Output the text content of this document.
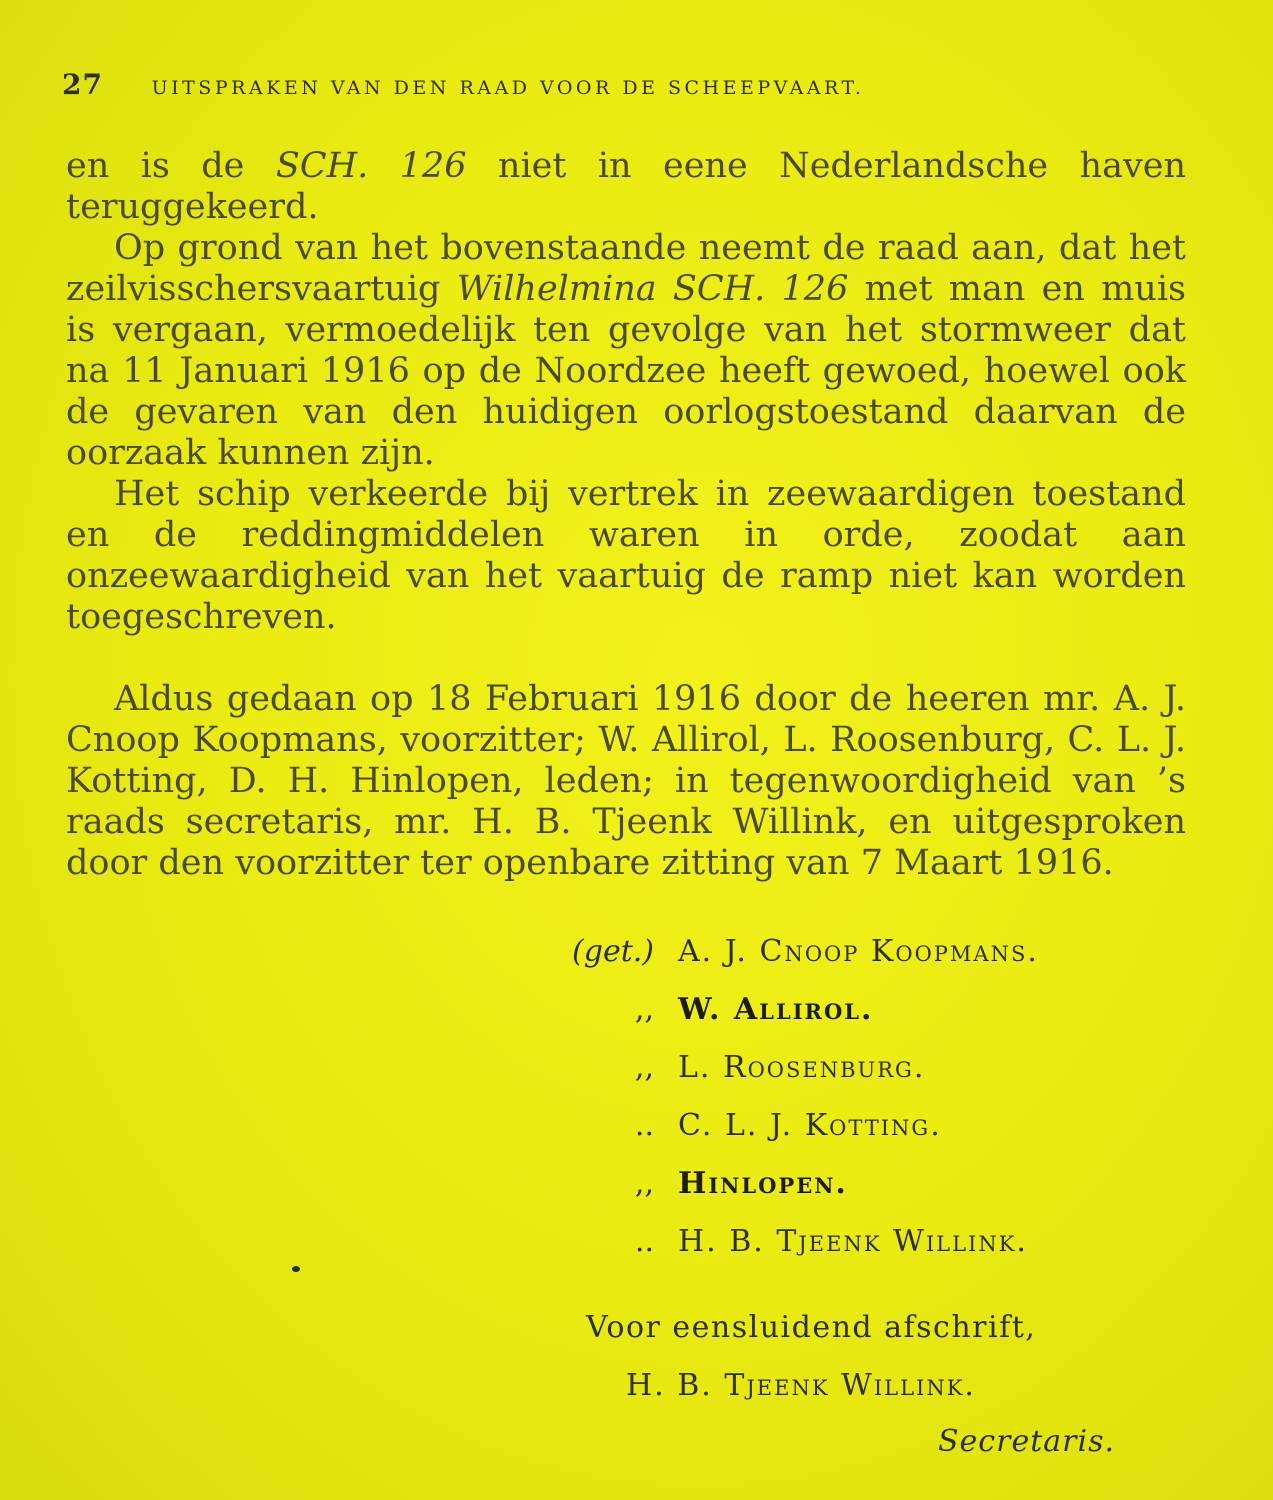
27	UITSPRAKEN VAN DEN RAAD VOOR DE SCHEEPVAART.

en is de SCH. 126 niet in eene Nederlandsche haven teruggekeerd.

Op grond van het bovenstaande neemt de raad aan, dat het zeilvisschersvaartuig Wilhelmina SCH. 126 met man en muis is vergaan, vermoedelijk ten gevolge van het stormweer dat na 11 Januari 1916 op de Noordzee heeft gewoed, hoewel ook de gevaren van den huidigen oorlogstoestand daarvan de oorzaak kunnen zijn.

Het schip verkeerde bij vertrek in zeewaardigen toestand en de reddingmiddelen waren in orde, zoodat aan onzeewaardigheid van het vaartuig de ramp niet kan worden toegeschreven.

Aldus gedaan op 18 Februari 1916 door de heeren mr. A. J. Cnoop Koopmans, voorzitter; W. Allirol, L. Roosenburg, C. L. J. Kotting, D. H. Hinlopen, leden; in tegenwoordigheid van ’s raads secretaris, mr. H. B. Tjeenk Willink, en uitgesproken door den voorzitter ter openbare zitting van 7 Maart 1916.

(get.) A. J. Cnoop Koopmans.
,, W. Allirol.
,, L. Roosenburg.
.. C. L. J. Kotting.
,, Hinlopen.
.. H. B. Tjeenk Willink.
Voor eensluidend afschrift,
H. B. Tjeenk Willink.
Secretaris.
